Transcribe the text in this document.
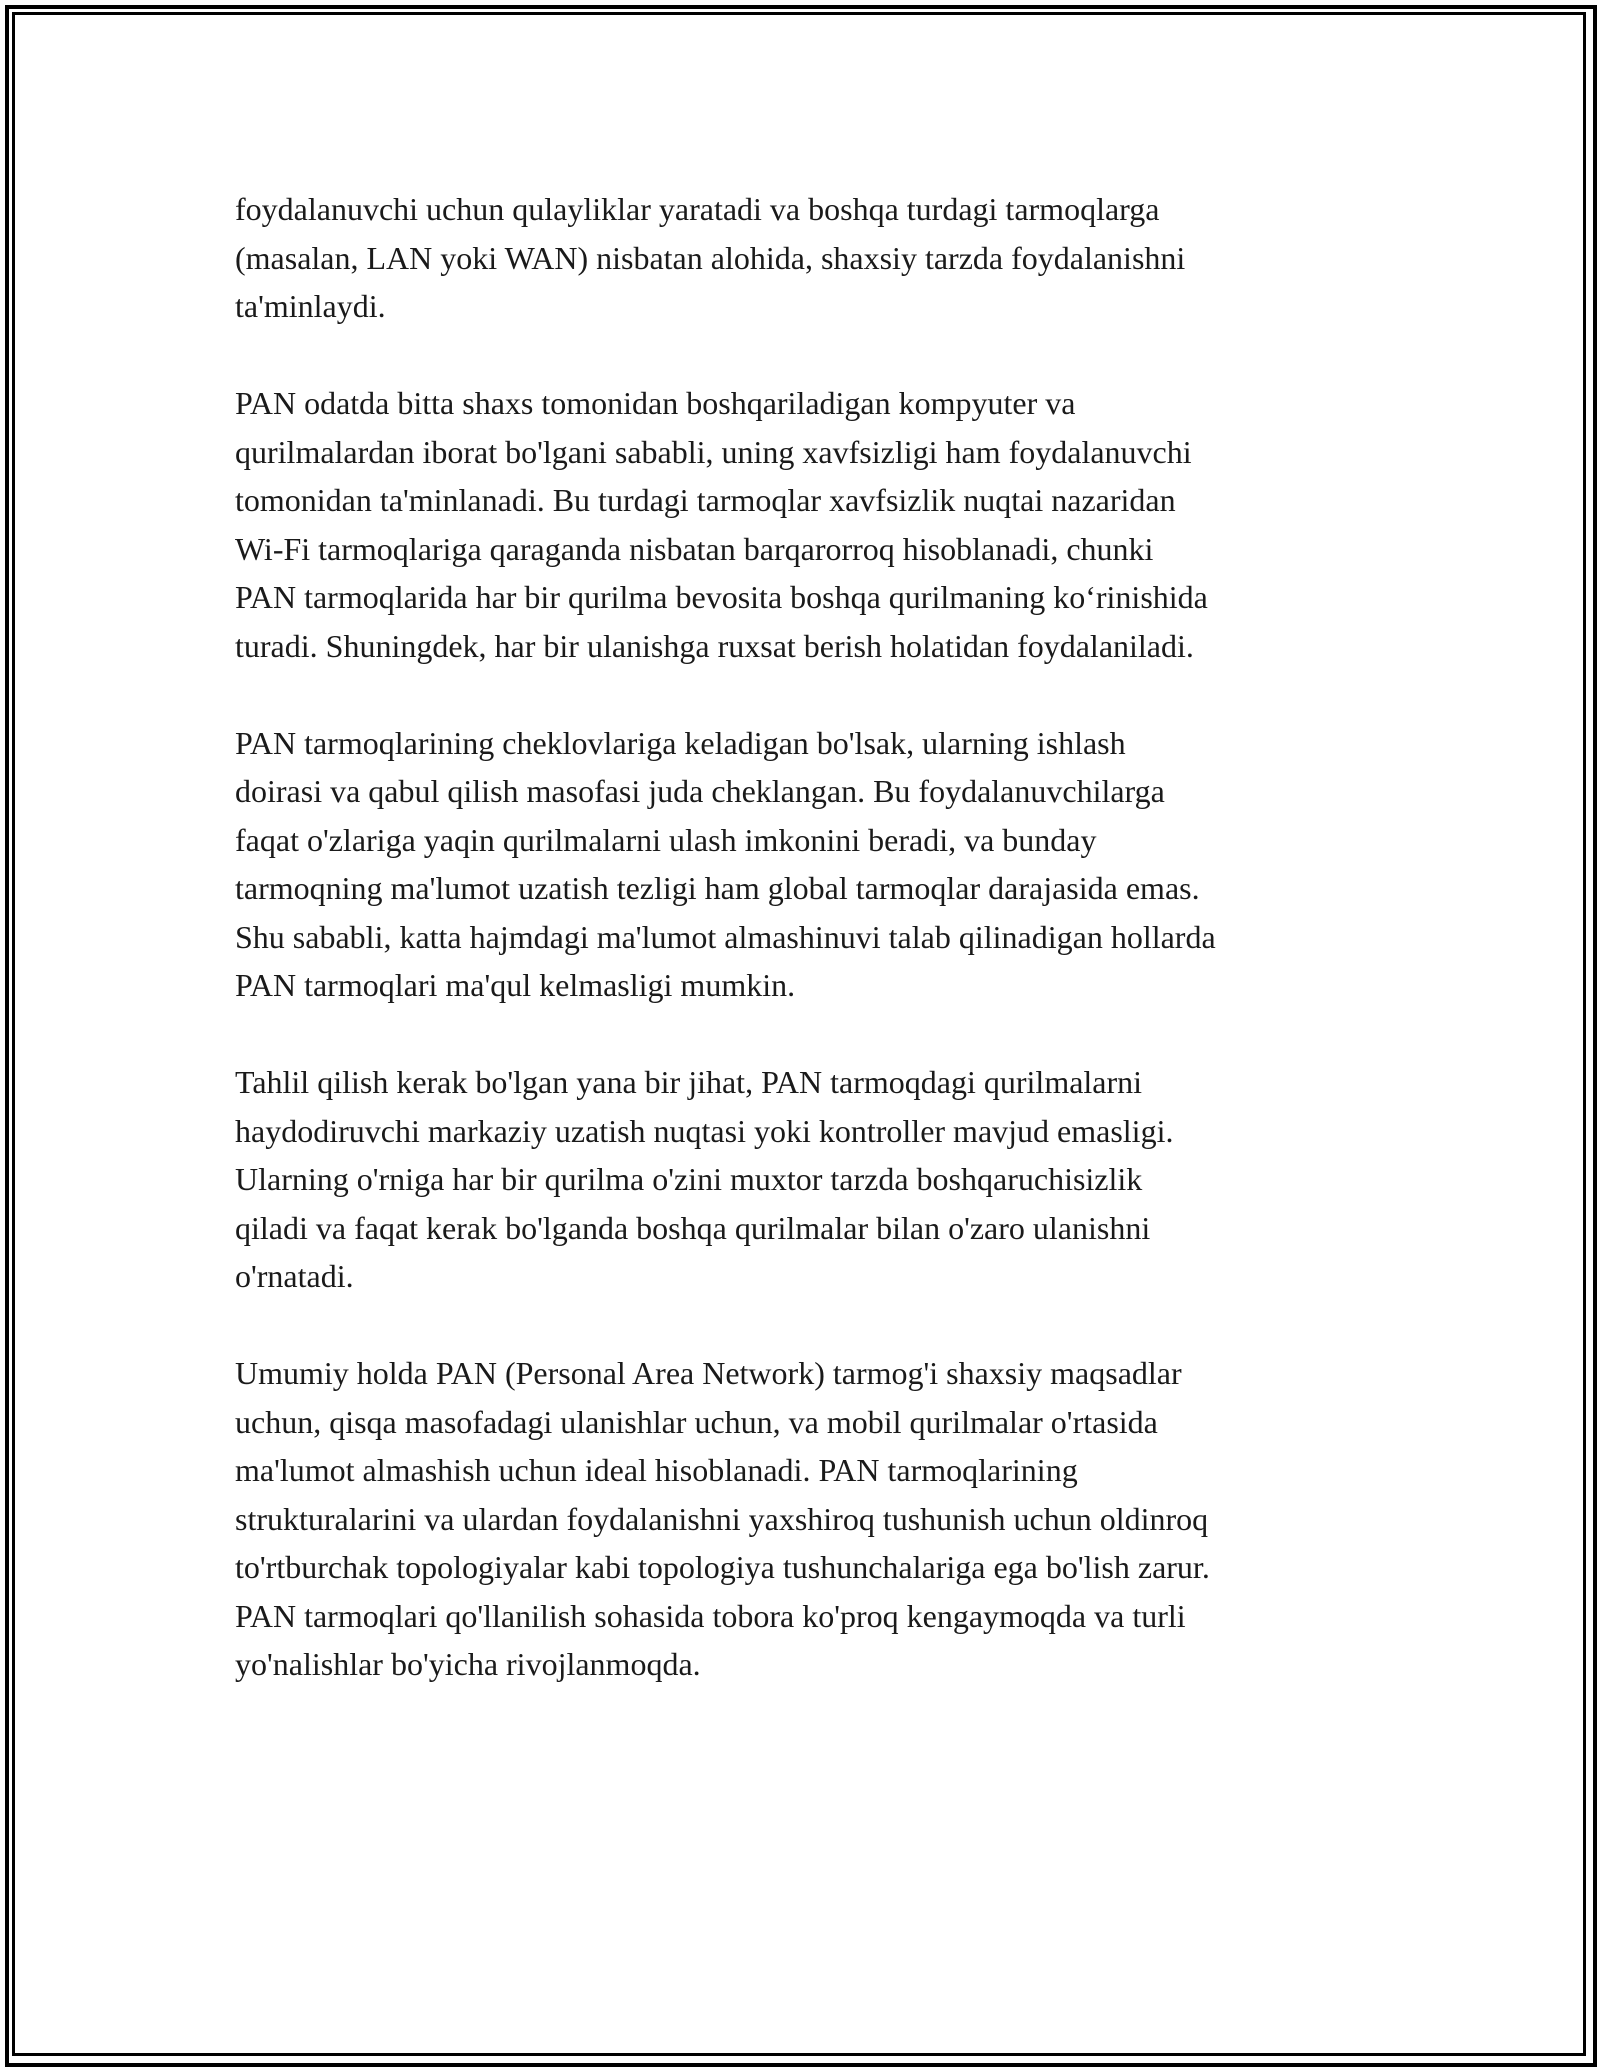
foydalanuvchi uchun qulayliklar yaratadi va boshqa turdagi tarmoqlarga
(masalan, LAN yoki WAN) nisbatan alohida, shaxsiy tarzda foydalanishni
ta'minlaydi.

PAN odatda bitta shaxs tomonidan boshqariladigan kompyuter va
qurilmalardan iborat bo'lgani sababli, uning xavfsizligi ham foydalanuvchi
tomonidan ta'minlanadi. Bu turdagi tarmoqlar xavfsizlik nuqtai nazaridan
Wi-Fi tarmoqlariga qaraganda nisbatan barqarorroq hisoblanadi, chunki
PAN tarmoqlarida har bir qurilma bevosita boshqa qurilmaning ko‘rinishida
turadi. Shuningdek, har bir ulanishga ruxsat berish holatidan foydalaniladi.

PAN tarmoqlarining cheklovlariga keladigan bo'lsak, ularning ishlash
doirasi va qabul qilish masofasi juda cheklangan. Bu foydalanuvchilarga
faqat o'zlariga yaqin qurilmalarni ulash imkonini beradi, va bunday
tarmoqning ma'lumot uzatish tezligi ham global tarmoqlar darajasida emas.
Shu sababli, katta hajmdagi ma'lumot almashinuvi talab qilinadigan hollarda
PAN tarmoqlari ma'qul kelmasligi mumkin.

Tahlil qilish kerak bo'lgan yana bir jihat, PAN tarmoqdagi qurilmalarni
haydodiruvchi markaziy uzatish nuqtasi yoki kontroller mavjud emasligi.
Ularning o'rniga har bir qurilma o'zini muxtor tarzda boshqaruchisizlik
qiladi va faqat kerak bo'lganda boshqa qurilmalar bilan o'zaro ulanishni
o'rnatadi.

Umumiy holda PAN (Personal Area Network) tarmog'i shaxsiy maqsadlar
uchun, qisqa masofadagi ulanishlar uchun, va mobil qurilmalar o'rtasida
ma'lumot almashish uchun ideal hisoblanadi. PAN tarmoqlarining
strukturalarini va ulardan foydalanishni yaxshiroq tushunish uchun oldinroq
to'rtburchak topologiyalar kabi topologiya tushunchalariga ega bo'lish zarur.
PAN tarmoqlari qo'llanilish sohasida tobora ko'proq kengaymoqda va turli
yo'nalishlar bo'yicha rivojlanmoqda.
